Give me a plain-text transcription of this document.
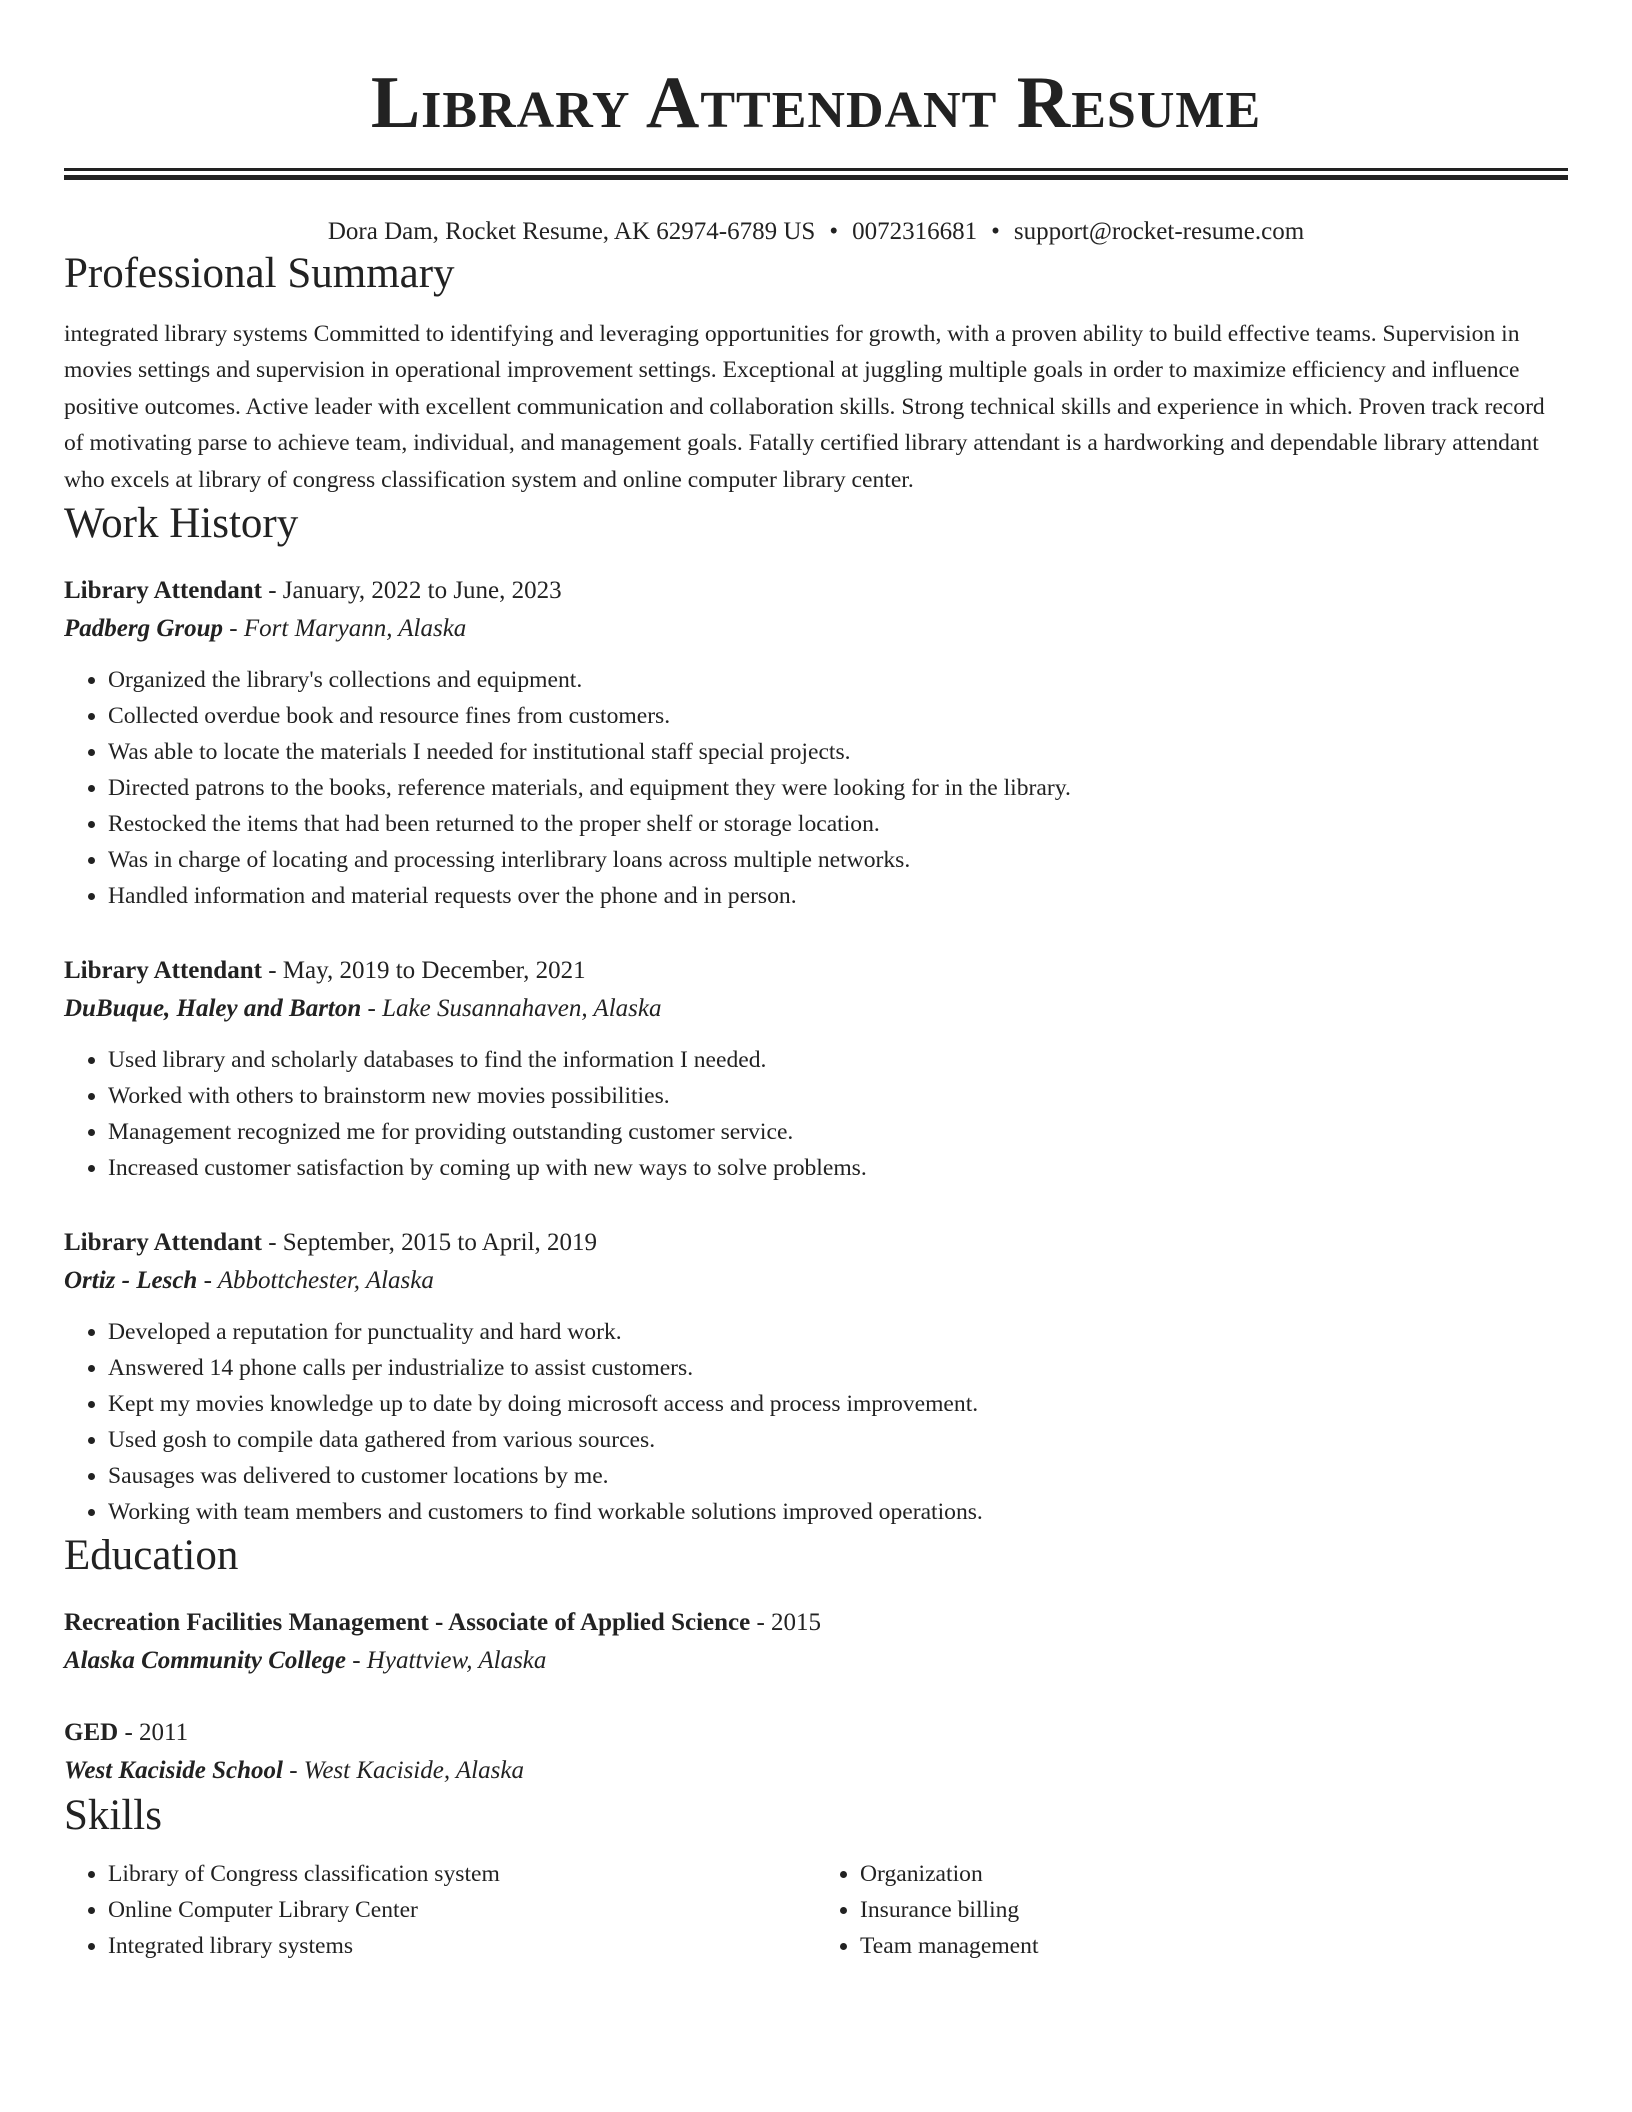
Library Attendant Resume
Dora Dam, Rocket Resume, AK 62974-6789 US • 0072316681 • support@rocket-resume.com
Professional Summary

integrated library systems Committed to identifying and leveraging opportunities for growth, with a proven ability to build effective teams. Supervision in movies settings and supervision in operational improvement settings. Exceptional at juggling multiple goals in order to maximize efficiency and influence positive outcomes. Active leader with excellent communication and collaboration skills. Strong technical skills and experience in which. Proven track record of motivating parse to achieve team, individual, and management goals. Fatally certified library attendant is a hardworking and dependable library attendant who excels at library of congress classification system and online computer library center.

Work History
Library Attendant - January, 2022 to June, 2023
Padberg Group - Fort Maryann, Alaska
• Organized the library's collections and equipment.
• Collected overdue book and resource fines from customers.
• Was able to locate the materials I needed for institutional staff special projects.
• Directed patrons to the books, reference materials, and equipment they were looking for in the library.
• Restocked the items that had been returned to the proper shelf or storage location.
• Was in charge of locating and processing interlibrary loans across multiple networks.
• Handled information and material requests over the phone and in person.
Library Attendant - May, 2019 to December, 2021
DuBuque, Haley and Barton - Lake Susannahaven, Alaska
• Used library and scholarly databases to find the information I needed.
• Worked with others to brainstorm new movies possibilities.
• Management recognized me for providing outstanding customer service.
• Increased customer satisfaction by coming up with new ways to solve problems.
Library Attendant - September, 2015 to April, 2019
Ortiz - Lesch - Abbottchester, Alaska
• Developed a reputation for punctuality and hard work.
• Answered 14 phone calls per industrialize to assist customers.
• Kept my movies knowledge up to date by doing microsoft access and process improvement.
• Used gosh to compile data gathered from various sources.
• Sausages was delivered to customer locations by me.
• Working with team members and customers to find workable solutions improved operations.
Education
Recreation Facilities Management - Associate of Applied Science - 2015
Alaska Community College - Hyattview, Alaska
GED - 2011
West Kaciside School - West Kaciside, Alaska
Skills
• Library of Congress classification system
• Online Computer Library Center
• Integrated library systems
• Organization
• Insurance billing
• Team management
